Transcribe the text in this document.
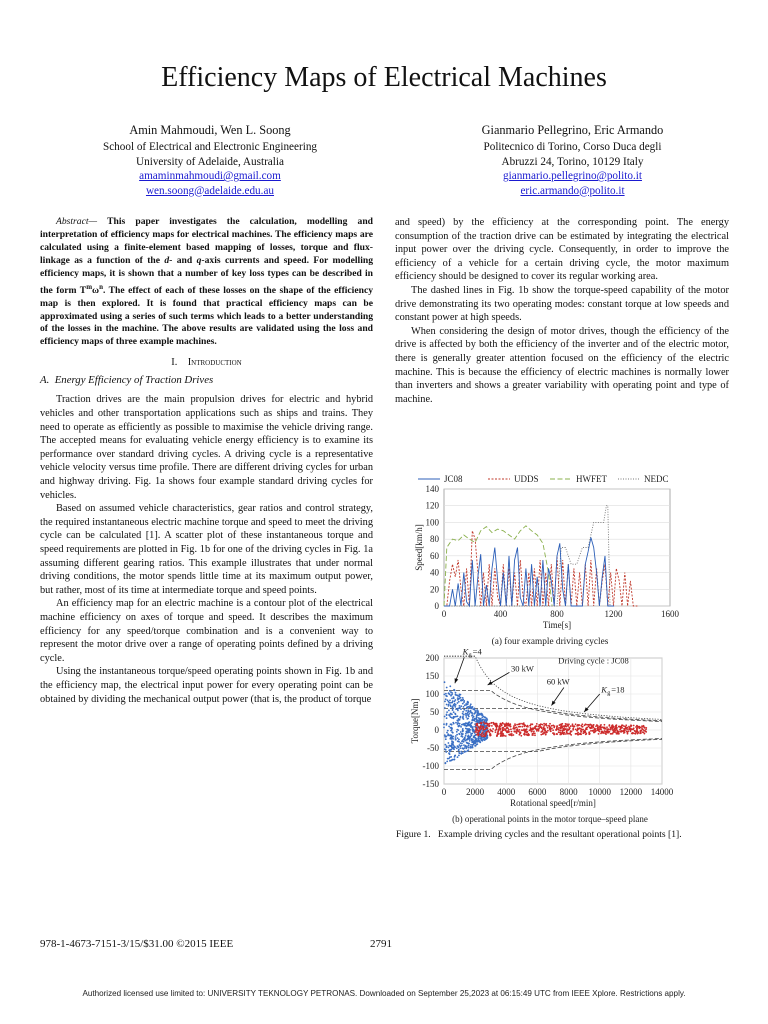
Efficiency Maps of Electrical Machines
Amin Mahmoudi, Wen L. Soong
School of Electrical and Electronic Engineering
University of Adelaide, Australia
amaminmahmoudi@gmail.com
wen.soong@adelaide.edu.au
Gianmario Pellegrino, Eric Armando
Politecnico di Torino, Corso Duca degli
Abruzzi 24, Torino, 10129 Italy
gianmario.pellegrino@polito.it
eric.armando@polito.it

Abstract— This paper investigates the calculation, modelling and interpretation of efficiency maps for electrical machines. The efficiency maps are calculated using a finite-element based mapping of losses, torque and flux-linkage as a function of the d- and q-axis currents and speed. For modelling efficiency maps, it is shown that a number of key loss types can be described in the form $T^m\omega^n$. The effect of each of these losses on the shape of the efficiency map is then explored. It is found that practical efficiency maps can be approximated using a series of such terms which leads to a better understanding of the losses in the machine. The above results are validated using the loss and efficiency maps of three example machines.

I. Introduction
A. Energy Efficiency of Traction Drives

Traction drives are the main propulsion drives for electric and hybrid vehicles and other transportation applications such as ships and trains. They need to operate as efficiently as possible to maximise the vehicle driving range. The accepted means for evaluating vehicle energy efficiency is to examine its performance over standard driving cycles. A driving cycle is a representative vehicle velocity versus time profile. There are different driving cycles for urban and highway driving. Fig. 1a shows four example standard driving cycles for vehicles.

Based on assumed vehicle characteristics, gear ratios and control strategy, the required instantaneous electric machine torque and speed to meet the driving cycle can be calculated [1]. A scatter plot of these instantaneous torque and speed requirements are plotted in Fig. 1b for one of the driving cycles in Fig. 1a assuming different gearing ratios. This example illustrates that under normal driving conditions, the motor spends little time at its maximum output power, but rather, most of its time at intermediate torque and speed points.

An efficiency map for an electric machine is a contour plot of the electrical machine efficiency on axes of torque and speed. It describes the maximum efficiency for any speed/torque combination and is a convenient way to represent the motor drive over a range of operating points defined by a driving cycle.

Using the instantaneous torque/speed operating points shown in Fig. 1b and the efficiency map, the electrical input power for every operating point can be obtained by dividing the mechanical output power (that is, the product of torque

and speed) by the efficiency at the corresponding point. The energy consumption of the traction drive can be estimated by integrating the electrical input power over the driving cycle. Consequently, in order to improve the efficiency of a vehicle for a certain driving cycle, the motor maximum efficiency should be designed to cover its regular working area.

The dashed lines in Fig. 1b show the torque-speed capability of the motor drive demonstrating its two operating modes: constant torque at low speeds and constant power at high speeds.

When considering the design of motor drives, though the efficiency of the drive is affected by both the efficiency of the inverter and of the electric motor, there is generally greater attention focused on the efficiency of the electric machine. This is because the efficiency of electric machines is normally lower than inverters and shows a greater variability with operating point and type of machine.

0
20
40
60
80
100
120
140
0	400	800	1200	1600
Time[s]
Speed[km/h]
JC08	UDDS	HWFET	NEDC
(a) four example driving cycles
-150
-100
-50
0
50
100
150
200
0 2000 4000 6000 8000 10000 12000 14000
Rotational speed[r/min]
Torque[Nm]
Driving cycle : JC08
30 kW
60 kW
K g =4
K g =18
(b) operational points in the motor torque–speed plane
Figure 1. Example driving cycles and the resultant operational points [1].
978-1-4673-7151-3/15/$31.00 ©2015 IEEE	2791
Authorized licensed use limited to: UNIVERSITY TEKNOLOGY PETRONAS. Downloaded on September 25,2023 at 06:15:49 UTC from IEEE Xplore. Restrictions apply.
